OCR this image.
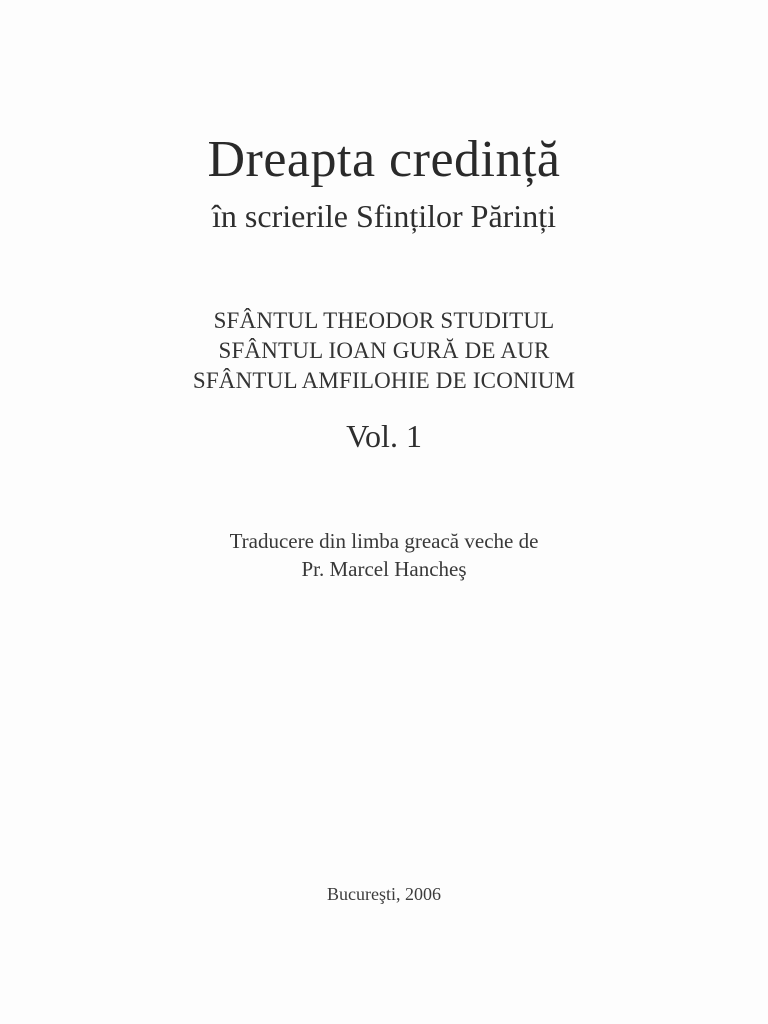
Dreapta credință
în scrierile Sfinților Părinți
SFÂNTUL THEODOR STUDITUL
SFÂNTUL IOAN GURĂ DE AUR
SFÂNTUL AMFILOHIE DE ICONIUM
Vol. 1
Traducere din limba greacă veche de
Pr. Marcel Hancheş
Bucureşti, 2006
